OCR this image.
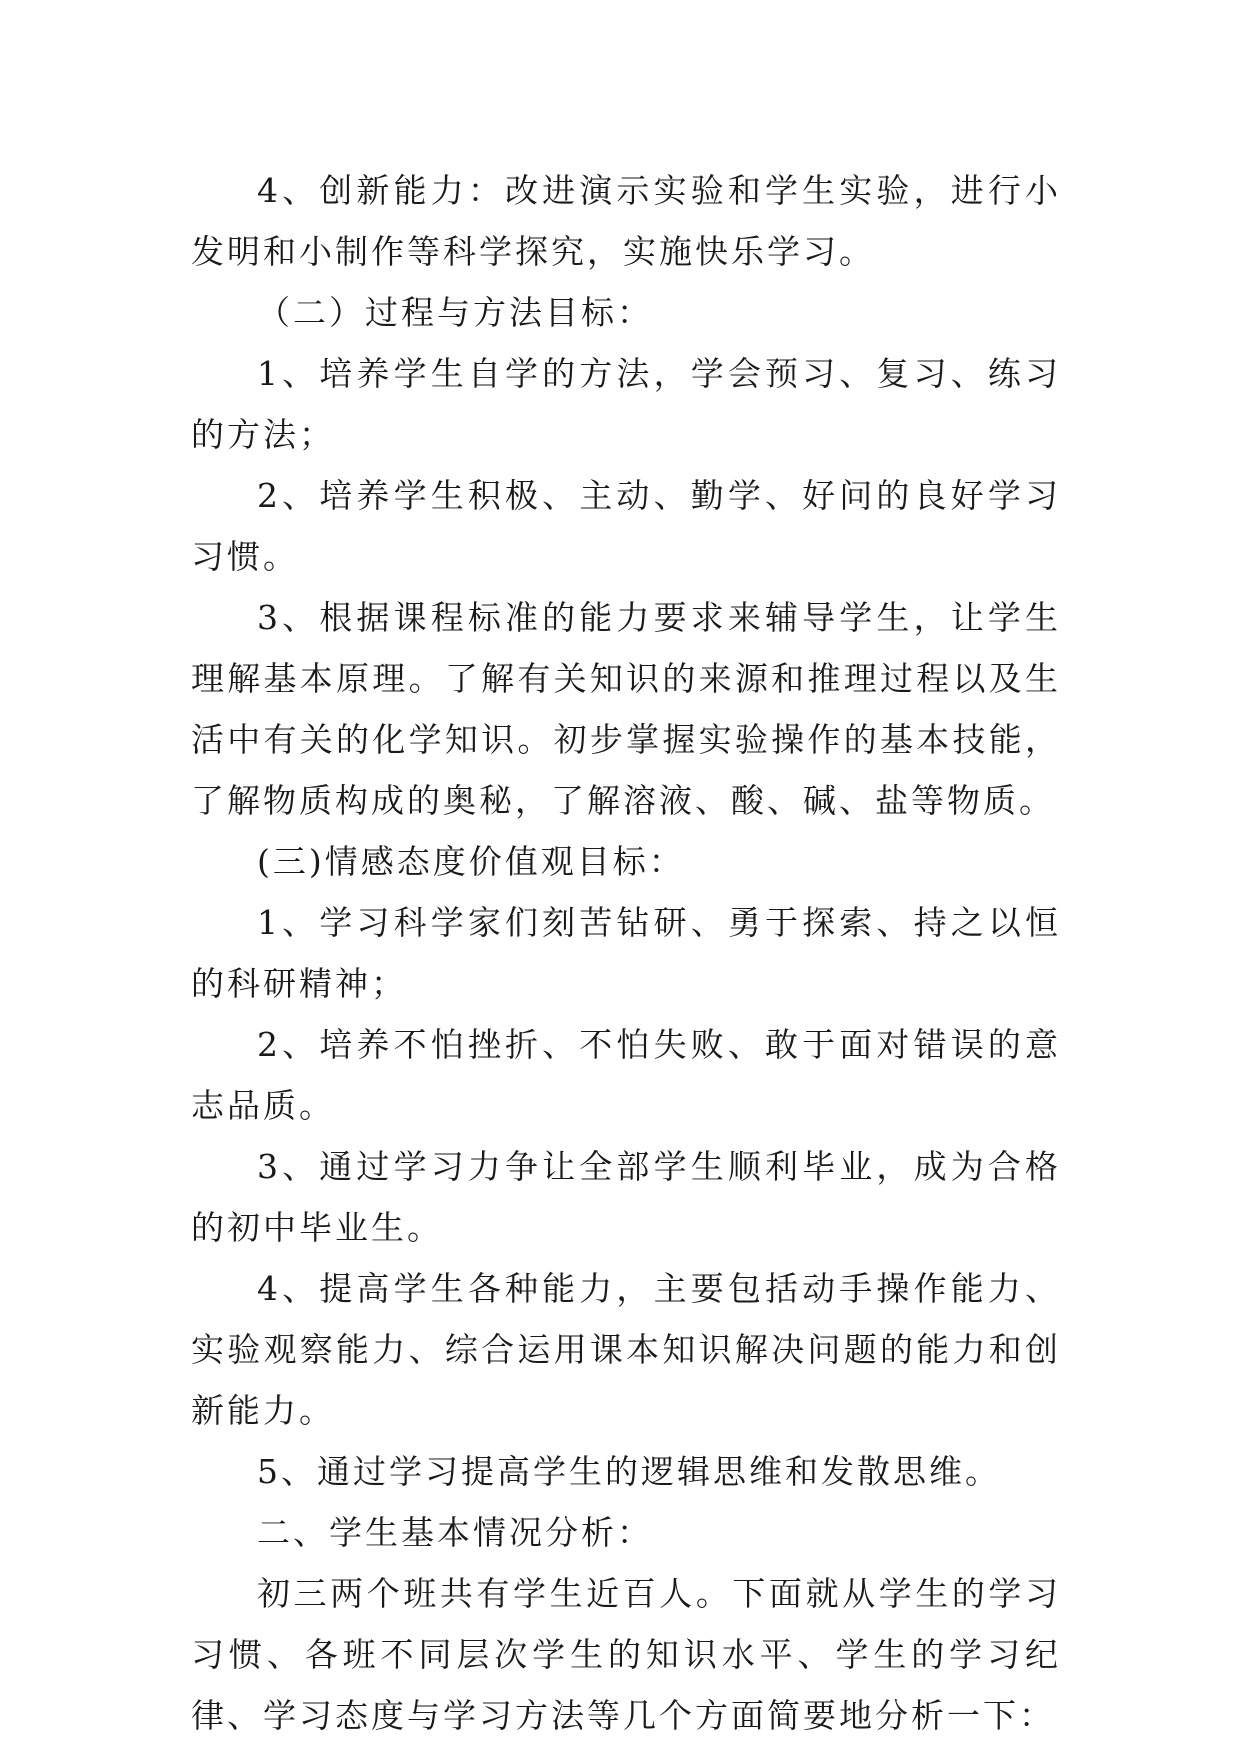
4、创新能力：改进演示实验和学生实验，进行小发明和小制作等科学探究，实施快乐学习。

（二）过程与方法目标：

1、培养学生自学的方法，学会预习、复习、练习的方法；

2、培养学生积极、主动、勤学、好问的良好学习习惯。

3、根据课程标准的能力要求来辅导学生，让学生理解基本原理。了解有关知识的来源和推理过程以及生活中有关的化学知识。初步掌握实验操作的基本技能，了解物质构成的奥秘，了解溶液、酸、碱、盐等物质。

(三)情感态度价值观目标：

1、学习科学家们刻苦钻研、勇于探索、持之以恒的科研精神；

2、培养不怕挫折、不怕失败、敢于面对错误的意志品质。

3、通过学习力争让全部学生顺利毕业，成为合格的初中毕业生。

4、提高学生各种能力，主要包括动手操作能力、实验观察能力、综合运用课本知识解决问题的能力和创新能力。

5、通过学习提高学生的逻辑思维和发散思维。

二、学生基本情况分析：

初三两个班共有学生近百人。下面就从学生的学习习惯、各班不同层次学生的知识水平、学生的学习纪律、学习态度与学习方法等几个方面简要地分析一下：
